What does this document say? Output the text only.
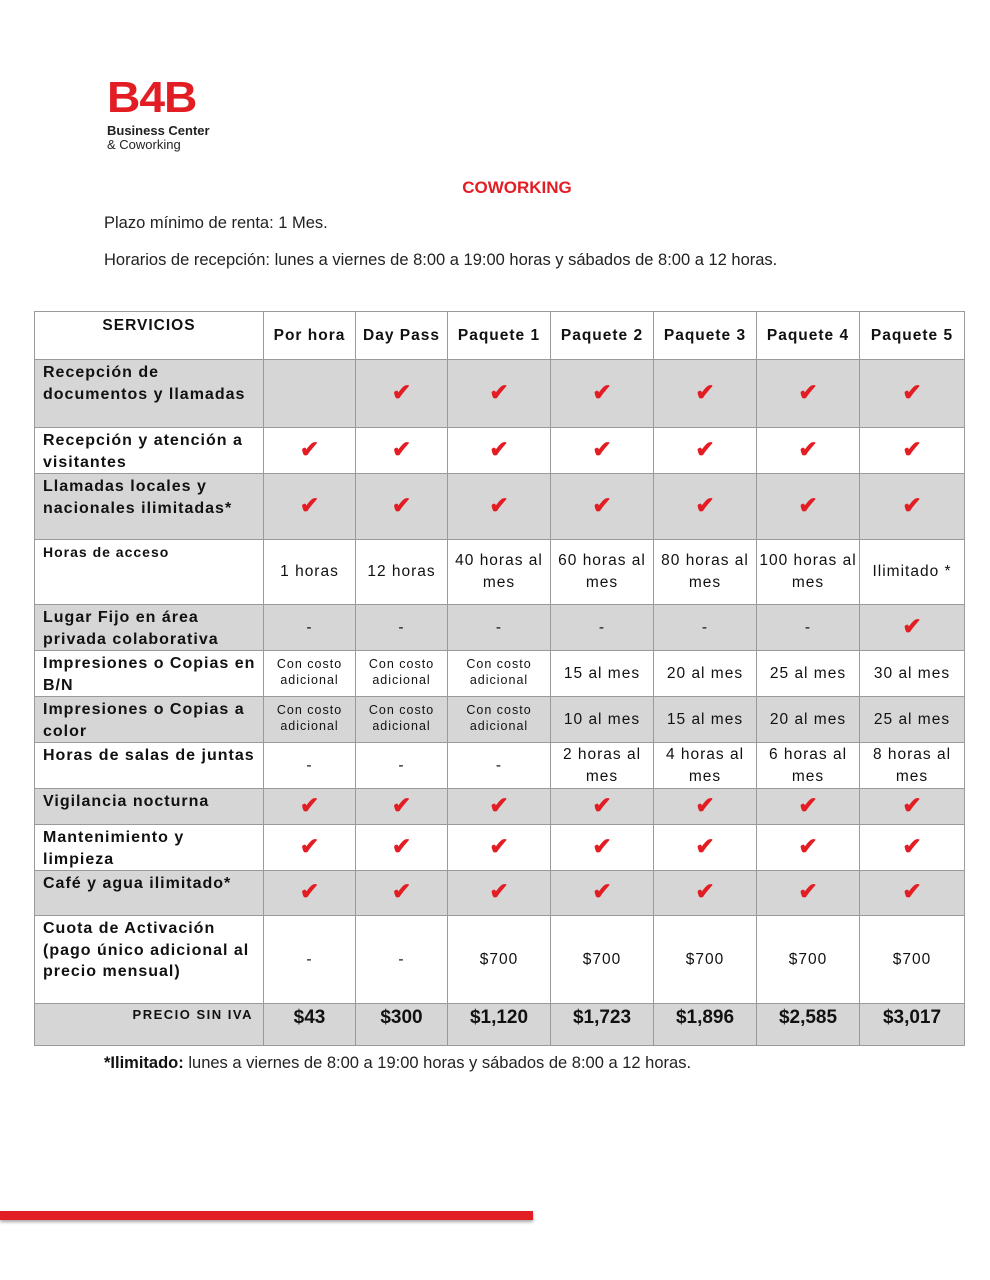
B4B
Business Center
& Coworking
COWORKING
Plazo mínimo de renta: 1 Mes.
Horarios de recepción: lunes a viernes de 8:00 a 19:00 horas y sábados de 8:00 a 12 horas.
SERVICIOS	Por hora	Day Pass	Paquete 1	Paquete 2	Paquete 3	Paquete 4	Paquete 5
Recepción de documentos y llamadas		✔	✔	✔	✔	✔	✔
Recepción y atención a visitantes	✔	✔	✔	✔	✔	✔	✔
Llamadas locales y nacionales ilimitadas*	✔	✔	✔	✔	✔	✔	✔
Horas de acceso	1 horas	12 horas	40 horas al mes	60 horas al mes	80 horas al mes	100 horas al mes	Ilimitado *
Lugar Fijo en área privada colaborativa	-	-	-	-	-	-	✔
Impresiones o Copias en B/N	Con costo adicional	Con costo adicional	Con costo adicional	15 al mes	20 al mes	25 al mes	30 al mes
Impresiones o Copias a color	Con costo adicional	Con costo adicional	Con costo adicional	10 al mes	15 al mes	20 al mes	25 al mes
Horas de salas de juntas	-	-	-	2 horas al mes	4 horas al mes	6 horas al mes	8 horas al mes
Vigilancia nocturna	✔	✔	✔	✔	✔	✔	✔
Mantenimiento y limpieza	✔	✔	✔	✔	✔	✔	✔
Café y agua ilimitado*	✔	✔	✔	✔	✔	✔	✔
Cuota de Activación (pago único adicional al precio mensual)	-	-	$700	$700	$700	$700	$700
PRECIO SIN IVA	$43	$300	$1,120	$1,723	$1,896	$2,585	$3,017
*Ilimitado: lunes a viernes de 8:00 a 19:00 horas y sábados de 8:00 a 12 horas.
